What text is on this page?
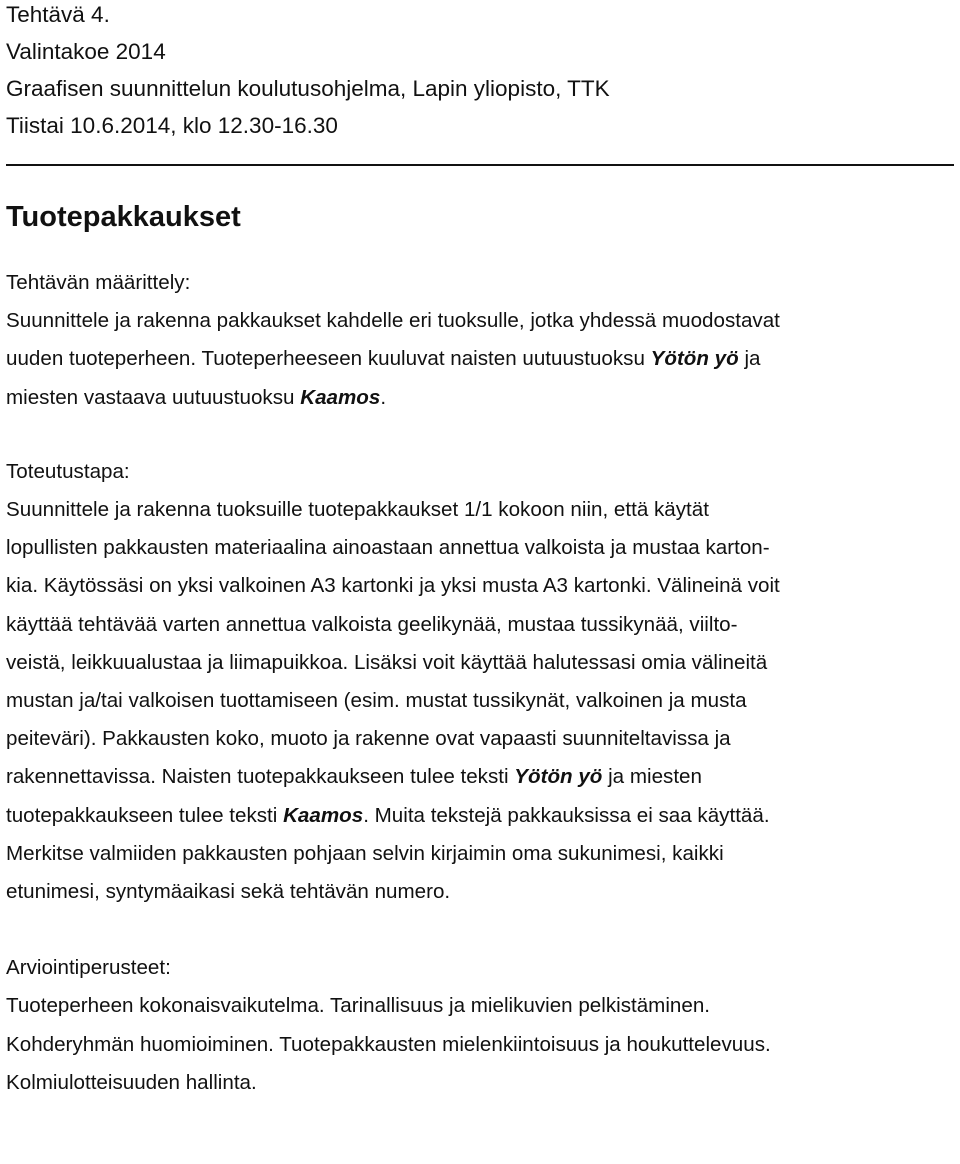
Tehtävä 4.
Valintakoe 2014
Graafisen suunnittelun koulutusohjelma, Lapin yliopisto, TTK
Tiistai 10.6.2014, klo 12.30-16.30
Tuotepakkaukset
Tehtävän määrittely:
Suunnittele ja rakenna pakkaukset kahdelle eri tuoksulle, jotka yhdessä muodostavat
uuden tuoteperheen. Tuoteperheeseen kuuluvat naisten uutuustuoksu Yötön yö ja
miesten vastaava uutuustuoksu Kaamos.
Toteutustapa:
Suunnittele ja rakenna tuoksuille tuotepakkaukset 1/1 kokoon niin, että käytät
lopullisten pakkausten materiaalina ainoastaan annettua valkoista ja mustaa karton-
kia. Käytössäsi on yksi valkoinen A3 kartonki ja yksi musta A3 kartonki. Välineinä voit
käyttää tehtävää varten annettua valkoista geelikynää, mustaa tussikynää, viilto-
veistä, leikkuualustaa ja liimapuikkoa. Lisäksi voit käyttää halutessasi omia välineitä
mustan ja/tai valkoisen tuottamiseen (esim. mustat tussikynät, valkoinen ja musta
peiteväri). Pakkausten koko, muoto ja rakenne ovat vapaasti suunniteltavissa ja
rakennettavissa. Naisten tuotepakkaukseen tulee teksti Yötön yö ja miesten
tuotepakkaukseen tulee teksti Kaamos. Muita tekstejä pakkauksissa ei saa käyttää.
Merkitse valmiiden pakkausten pohjaan selvin kirjaimin oma sukunimesi, kaikki
etunimesi, syntymäaikasi sekä tehtävän numero.
Arviointiperusteet:
Tuoteperheen kokonaisvaikutelma. Tarinallisuus ja mielikuvien pelkistäminen.
Kohderyhmän huomioiminen. Tuotepakkausten mielenkiintoisuus ja houkuttelevuus.
Kolmiulotteisuuden hallinta.
